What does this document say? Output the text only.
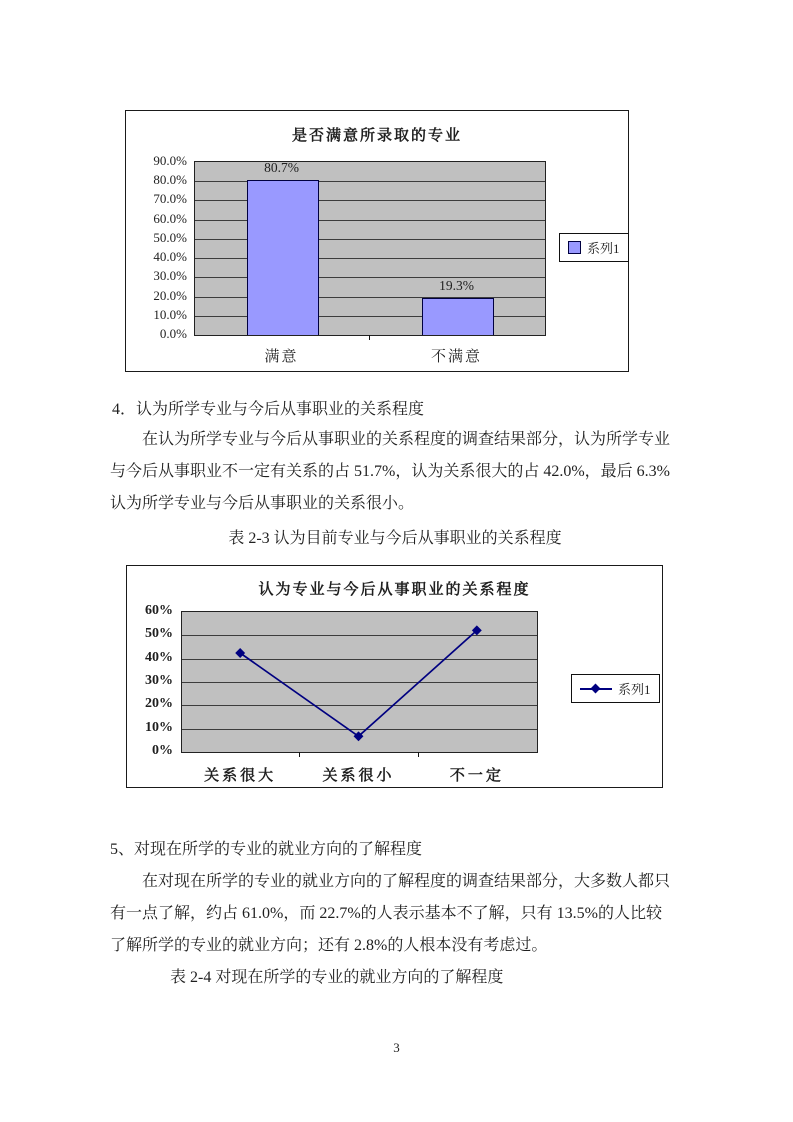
是否满意所录取的专业
系列1
0.0%
10.0%
20.0%
30.0%
40.0%
50.0%
60.0%
70.0%
80.0%
90.0%	80.7%
满意
19.3%
不满意
4．认为所学专业与今后从事职业的关系程度
在认为所学专业与今后从事职业的关系程度的调查结果部分，认为所学专业
与今后从事职业不一定有关系的占 51.7%，认为关系很大的占 42.0%，最后 6.3%
认为所学专业与今后从事职业的关系很小。
表 2-3 认为目前专业与今后从事职业的关系程度
认为专业与今后从事职业的关系程度
系列1
0%
10%
20%
30%
40%
50%
60%
关系很大	关系很小	不一定
5、对现在所学的专业的就业方向的了解程度
在对现在所学的专业的就业方向的了解程度的调查结果部分，大多数人都只
有一点了解，约占 61.0%，而 22.7%的人表示基本不了解，只有 13.5%的人比较
了解所学的专业的就业方向；还有 2.8%的人根本没有考虑过。
表 2-4 对现在所学的专业的就业方向的了解程度
3
